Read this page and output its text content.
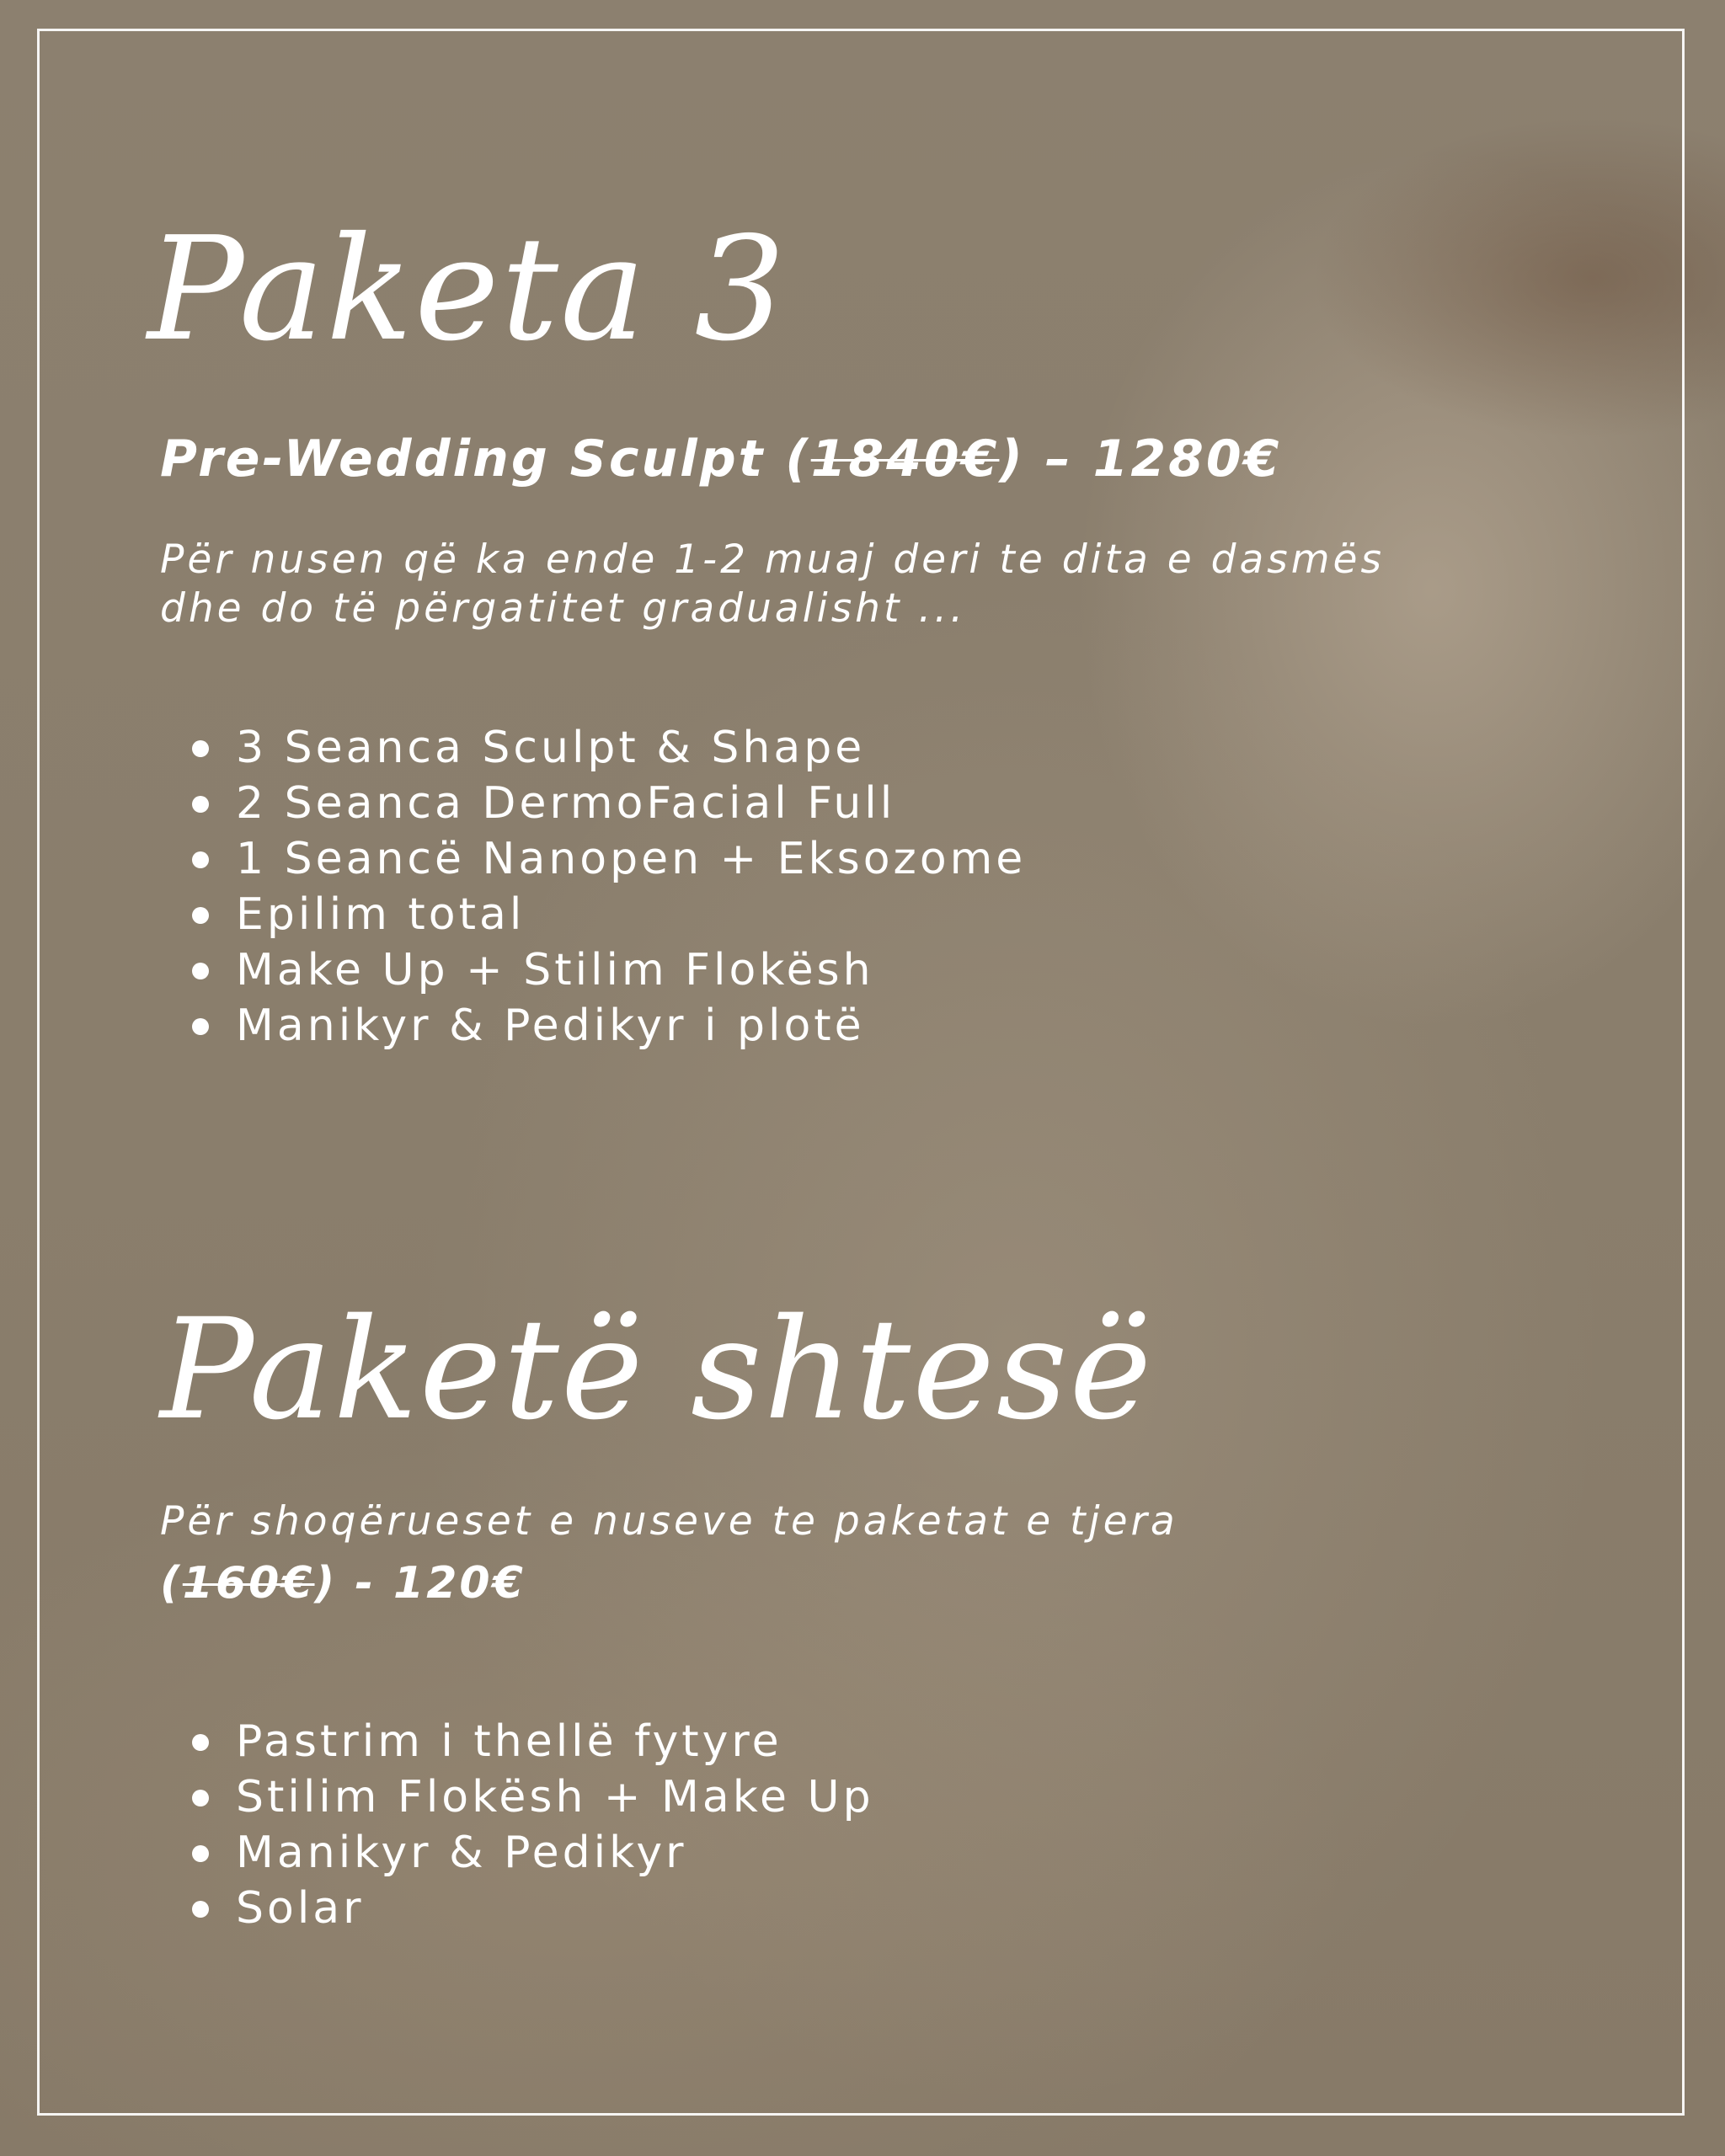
Paketa 3
Pre-Wedding Sculpt (1840€) – 1280€
Për nusen që ka ende 1-2 muaj deri te dita e dasmës
dhe do të përgatitet gradualisht ...
3 Seanca Sculpt & Shape
2 Seanca DermoFacial Full
1 Seancë Nanopen + Eksozome
Epilim total
Make Up + Stilim Flokësh
Manikyr & Pedikyr i plotë
Paketë shtesë
Për shoqërueset e nuseve te paketat e tjera
(160€) - 120€
Pastrim i thellë fytyre
Stilim Flokësh + Make Up
Manikyr & Pedikyr
Solar
